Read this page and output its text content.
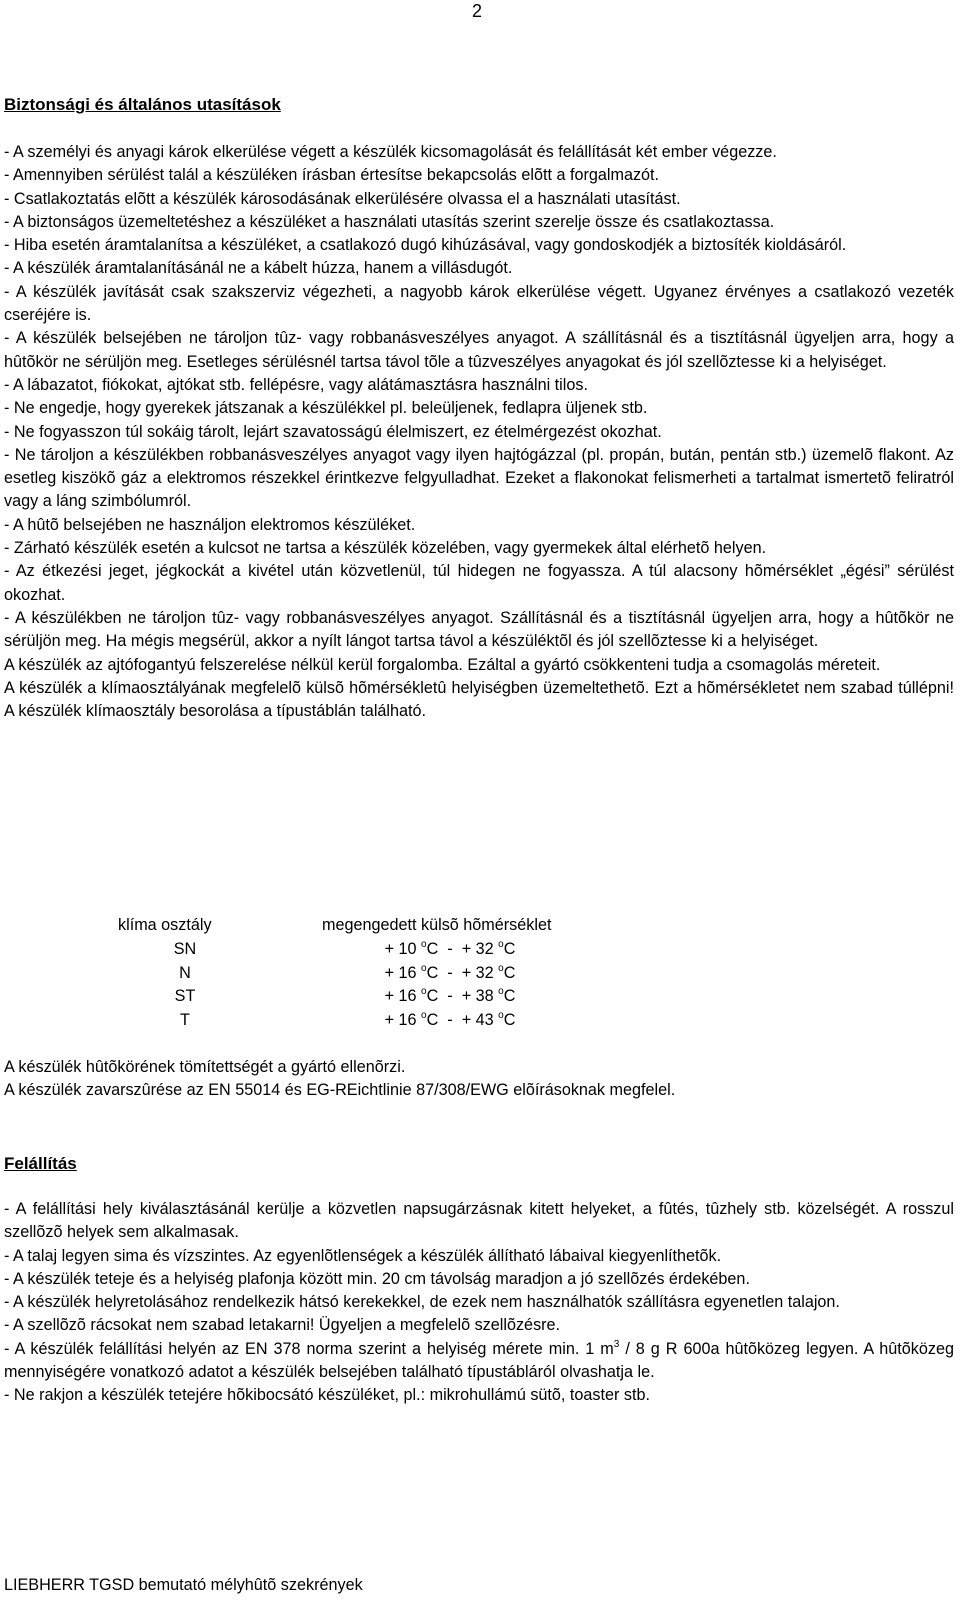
2
Biztonsági és általános utasítások

- A személyi és anyagi károk elkerülése végett a készülék kicsomagolását és felállítását két ember végezze.

- Amennyiben sérülést talál a készüléken írásban értesítse bekapcsolás elõtt a forgalmazót.

- Csatlakoztatás elõtt a készülék károsodásának elkerülésére olvassa el a használati utasítást.

- A biztonságos üzemeltetéshez a készüléket a használati utasítás szerint szerelje össze és csatlakoztassa.

- Hiba esetén áramtalanítsa a készüléket, a csatlakozó dugó kihúzásával, vagy gondoskodjék a biztosíték kioldásáról.

- A készülék áramtalanításánál ne a kábelt húzza, hanem a villásdugót.

- A készülék javítását csak szakszerviz végezheti, a nagyobb károk elkerülése végett. Ugyanez érvényes a csatlakozó vezeték cseréjére is.

- A készülék belsejében ne tároljon tûz- vagy robbanásveszélyes anyagot. A szállításnál és a tisztításnál ügyeljen arra, hogy a hûtõkör ne sérüljön meg. Esetleges sérülésnél tartsa távol tõle a tûzveszélyes anyagokat és jól szellõztesse ki a helyiséget.

- A lábazatot, fiókokat, ajtókat stb. fellépésre, vagy alátámasztásra használni tilos.

- Ne engedje, hogy gyerekek játszanak a készülékkel pl. beleüljenek, fedlapra üljenek stb.

- Ne fogyasszon túl sokáig tárolt, lejárt szavatosságú élelmiszert, ez ételmérgezést okozhat.

- Ne tároljon a készülékben robbanásveszélyes anyagot vagy ilyen hajtógázzal (pl. propán, bután, pentán stb.) üzemelõ flakont. Az esetleg kiszökõ gáz a elektromos részekkel érintkezve felgyulladhat. Ezeket a flakonokat felismerheti a tartalmat ismertetõ feliratról vagy a láng szimbólumról.

- A hûtõ belsejében ne használjon elektromos készüléket.

- Zárható készülék esetén a kulcsot ne tartsa a készülék közelében, vagy gyermekek által elérhetõ helyen.

- Az étkezési jeget, jégkockát a kivétel után közvetlenül, túl hidegen ne fogyassza. A túl alacsony hõmérséklet „égési” sérülést okozhat.

- A készülékben ne tároljon tûz- vagy robbanásveszélyes anyagot. Szállításnál és a tisztításnál ügyeljen arra, hogy a hûtõkör ne sérüljön meg. Ha mégis megsérül, akkor a nyílt lángot tartsa távol a készüléktõl és jól szellõztesse ki a helyiséget.

A készülék az ajtófogantyú felszerelése nélkül kerül forgalomba. Ezáltal a gyártó csökkenteni tudja a csomagolás méreteit.

A készülék a klímaosztályának megfelelõ külsõ hõmérsékletû helyiségben üzemeltethetõ. Ezt a hõmérsékletet nem szabad túllépni! A készülék klímaosztály besorolása a típustáblán található.

klíma osztály	megengedett külsõ hõmérséklet
SN	+ 10 $^o$C - + 32 $^o$C
N	+ 16 $^o$C - + 32 $^o$C
ST	+ 16 $^o$C - + 38 $^o$C
T	+ 16 $^o$C - + 43 $^o$C

A készülék hûtõkörének tömítettségét a gyártó ellenõrzi.

A készülék zavarszûrése az EN 55014 és EG-REichtlinie 87/308/EWG elõírásoknak megfelel.

Felállítás

- A felállítási hely kiválasztásánál kerülje a közvetlen napsugárzásnak kitett helyeket, a fûtés, tûzhely stb. közelségét. A rosszul szellõzõ helyek sem alkalmasak.

- A talaj legyen sima és vízszintes. Az egyenlõtlenségek a készülék állítható lábaival kiegyenlíthetõk.

- A készülék teteje és a helyiség plafonja között min. 20 cm távolság maradjon a jó szellõzés érdekében.

- A készülék helyretolásához rendelkezik hátsó kerekekkel, de ezek nem használhatók szállításra egyenetlen talajon.

- A szellõzõ rácsokat nem szabad letakarni! Ügyeljen a megfelelõ szellõzésre.

- A készülék felállítási helyén az EN 378 norma szerint a helyiség mérete min. 1 $m^3 / 8$ g R 600a hûtõközeg legyen. A hûtõközeg mennyiségére vonatkozó adatot a készülék belsejében található típustábláról olvashatja le.

- Ne rakjon a készülék tetejére hõkibocsátó készüléket, pl.: mikrohullámú sütõ, toaster stb.

LIEBHERR TGSD bemutató mélyhûtõ szekrények
